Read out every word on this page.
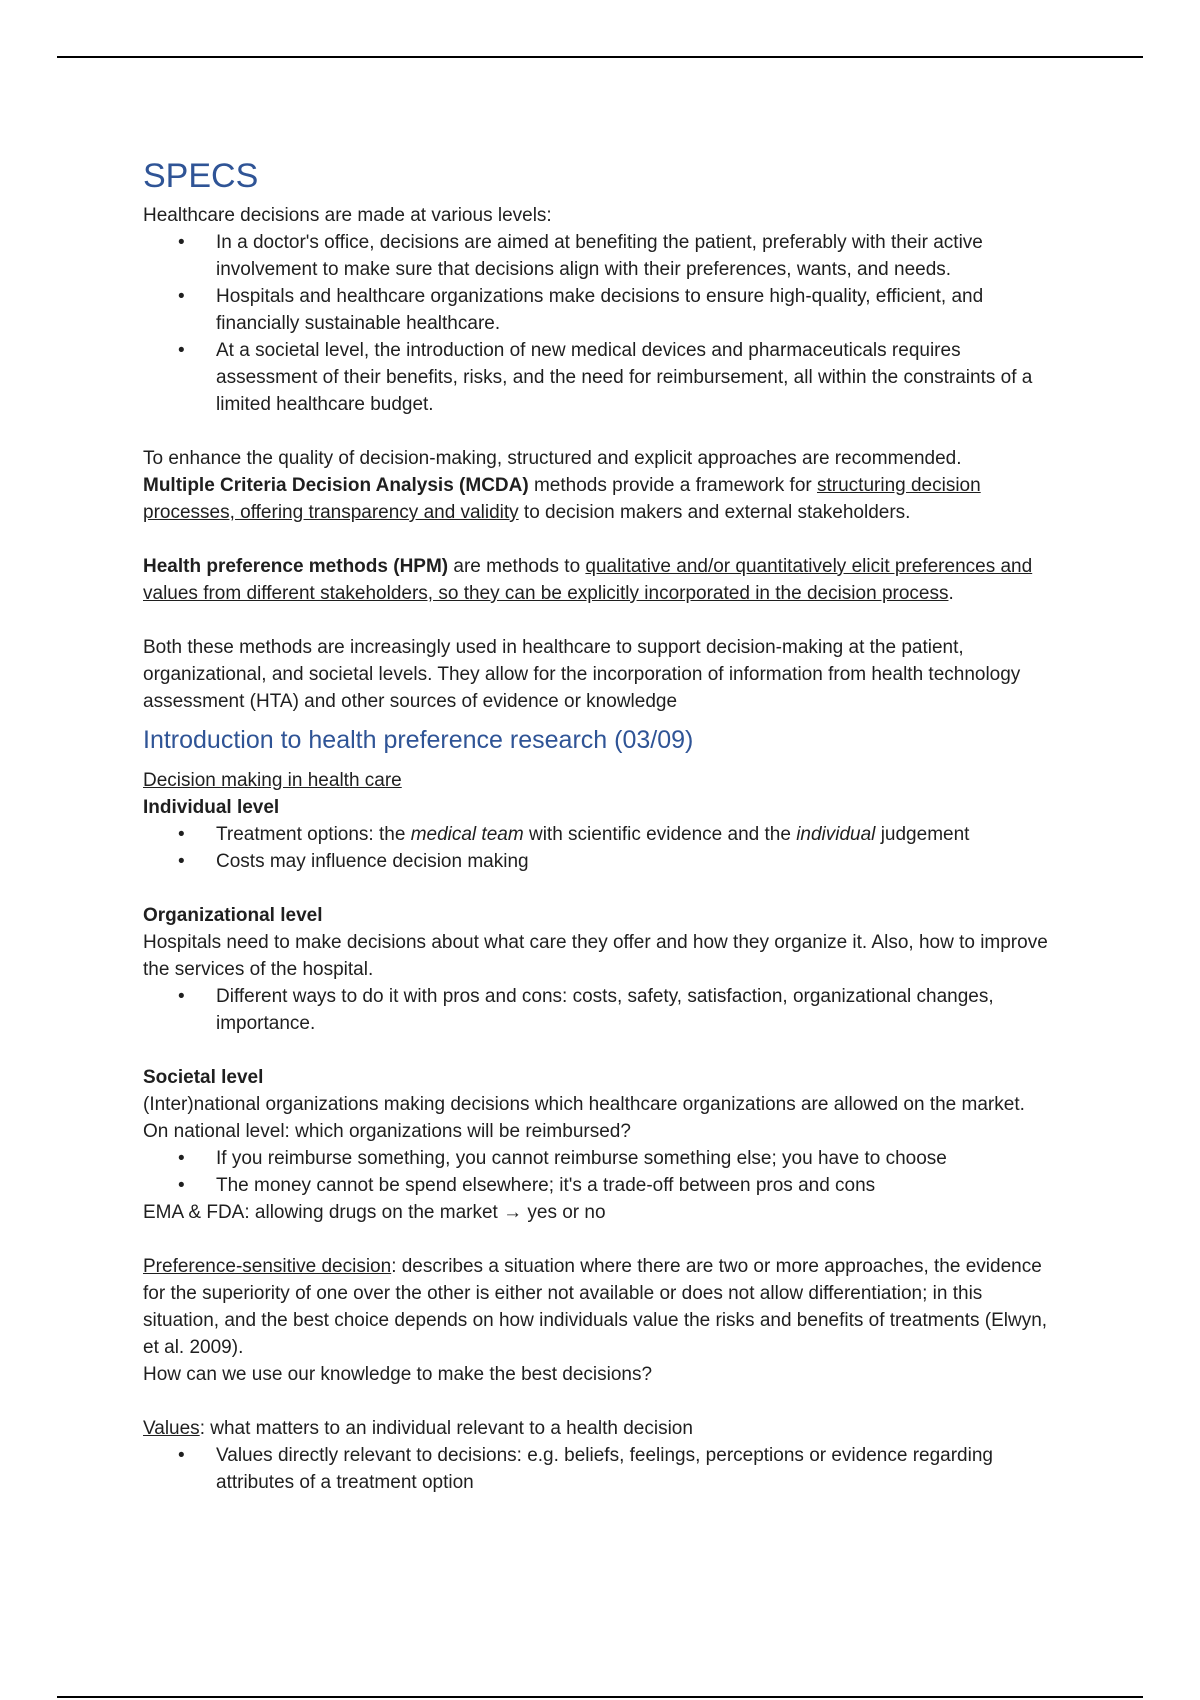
SPECS

Healthcare decisions are made at various levels:

• In a doctor's office, decisions are aimed at benefiting the patient, preferably with their active involvement to make sure that decisions align with their preferences, wants, and needs.
• Hospitals and healthcare organizations make decisions to ensure high-quality, efficient, and financially sustainable healthcare.
• At a societal level, the introduction of new medical devices and pharmaceuticals requires assessment of their benefits, risks, and the need for reimbursement, all within the constraints of a limited healthcare budget.

To enhance the quality of decision-making, structured and explicit approaches are recommended.
Multiple Criteria Decision Analysis (MCDA) methods provide a framework for structuring decision processes, offering transparency and validity to decision makers and external stakeholders.

Health preference methods (HPM) are methods to qualitative and/or quantitatively elicit preferences and values from different stakeholders, so they can be explicitly incorporated in the decision process.

Both these methods are increasingly used in healthcare to support decision-making at the patient, organizational, and societal levels. They allow for the incorporation of information from health technology assessment (HTA) and other sources of evidence or knowledge

Introduction to health preference research (03/09)

Decision making in health care

Individual level

• Treatment options: the medical team with scientific evidence and the individual judgement
• Costs may influence decision making

Organizational level

Hospitals need to make decisions about what care they offer and how they organize it. Also, how to improve the services of the hospital.

• Different ways to do it with pros and cons: costs, safety, satisfaction, organizational changes, importance.

Societal level

(Inter)national organizations making decisions which healthcare organizations are allowed on the market.

On national level: which organizations will be reimbursed?

• If you reimburse something, you cannot reimburse something else; you have to choose
• The money cannot be spend elsewhere; it's a trade-off between pros and cons

EMA & FDA: allowing drugs on the market → yes or no

Preference-sensitive decision: describes a situation where there are two or more approaches, the evidence for the superiority of one over the other is either not available or does not allow differentiation; in this situation, and the best choice depends on how individuals value the risks and benefits of treatments (Elwyn, et al. 2009).

How can we use our knowledge to make the best decisions?

Values: what matters to an individual relevant to a health decision

• Values directly relevant to decisions: e.g. beliefs, feelings, perceptions or evidence regarding attributes of a treatment option
